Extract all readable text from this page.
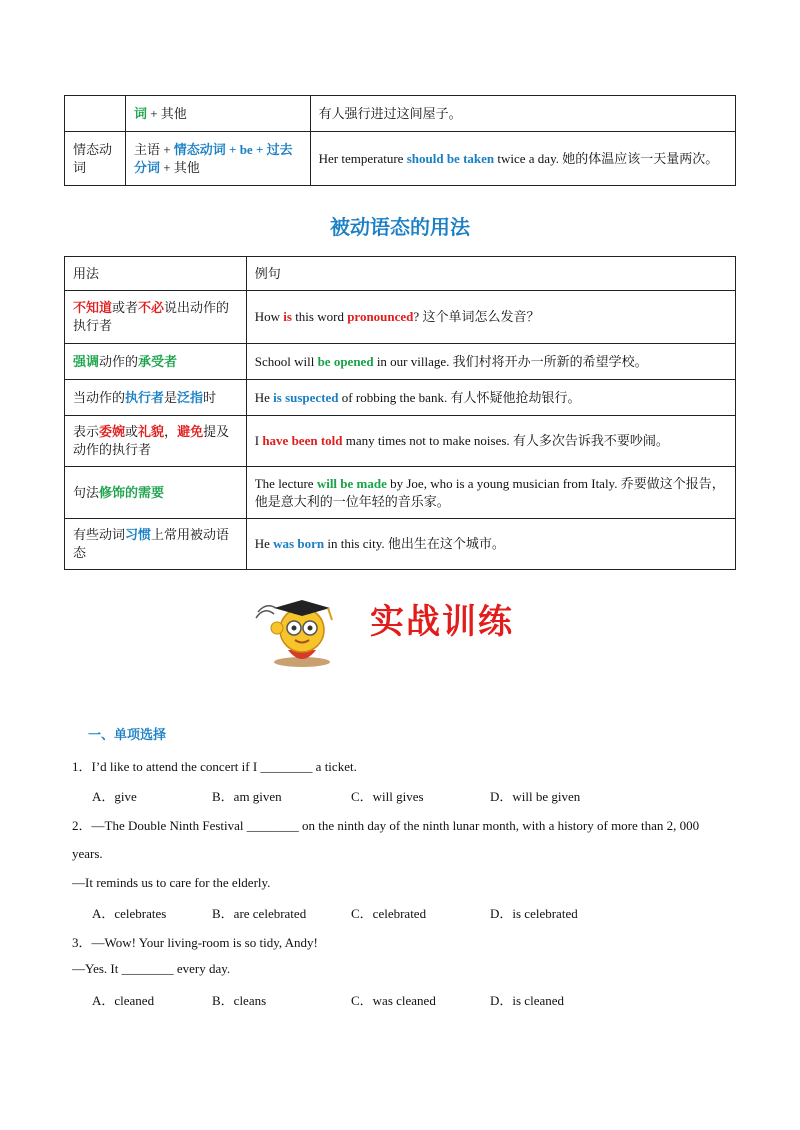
	词 + 其他	有人强行进过这间屋子。
情态动词	主语 + 情态动词 + be + 过去分词 + 其他	Her temperature should be taken twice a day. 她的体温应该一天量两次。
被动语态的用法
用法	例句
不知道或者不必说出动作的执行者	How is this word pronounced? 这个单词怎么发音？
强调动作的承受者	School will be opened in our village. 我们村将开办一所新的希望学校。
当动作的执行者是泛指时	He is suspected of robbing the bank. 有人怀疑他抢劫银行。
表示委婉或礼貌，避免提及动作的执行者	I have been told many times not to make noises. 有人多次告诉我不要吵闹。
句法修饰的需要	The lecture will be made by Joe, who is a young musician from Italy. 乔要做这个报告，他是意大利的一位年轻的音乐家。
有些动词习惯上常用被动语态	He was born in this city. 他出生在这个城市。
实战训练
一、单项选择
1．I’d like to attend the concert if I ________ a ticket.
A．give	B．am given	C．will gives	D．will be given
2．—The Double Ninth Festival ________ on the ninth day of the ninth lunar month, with a history of more than 2, 000
years.
—It reminds us to care for the elderly.
A．celebrates	B．are celebrated	C．celebrated	D．is celebrated
3．—Wow! Your living-room is so tidy, Andy!
—Yes. It ________ every day.
A．cleaned	B．cleans	C．was cleaned	D．is cleaned
